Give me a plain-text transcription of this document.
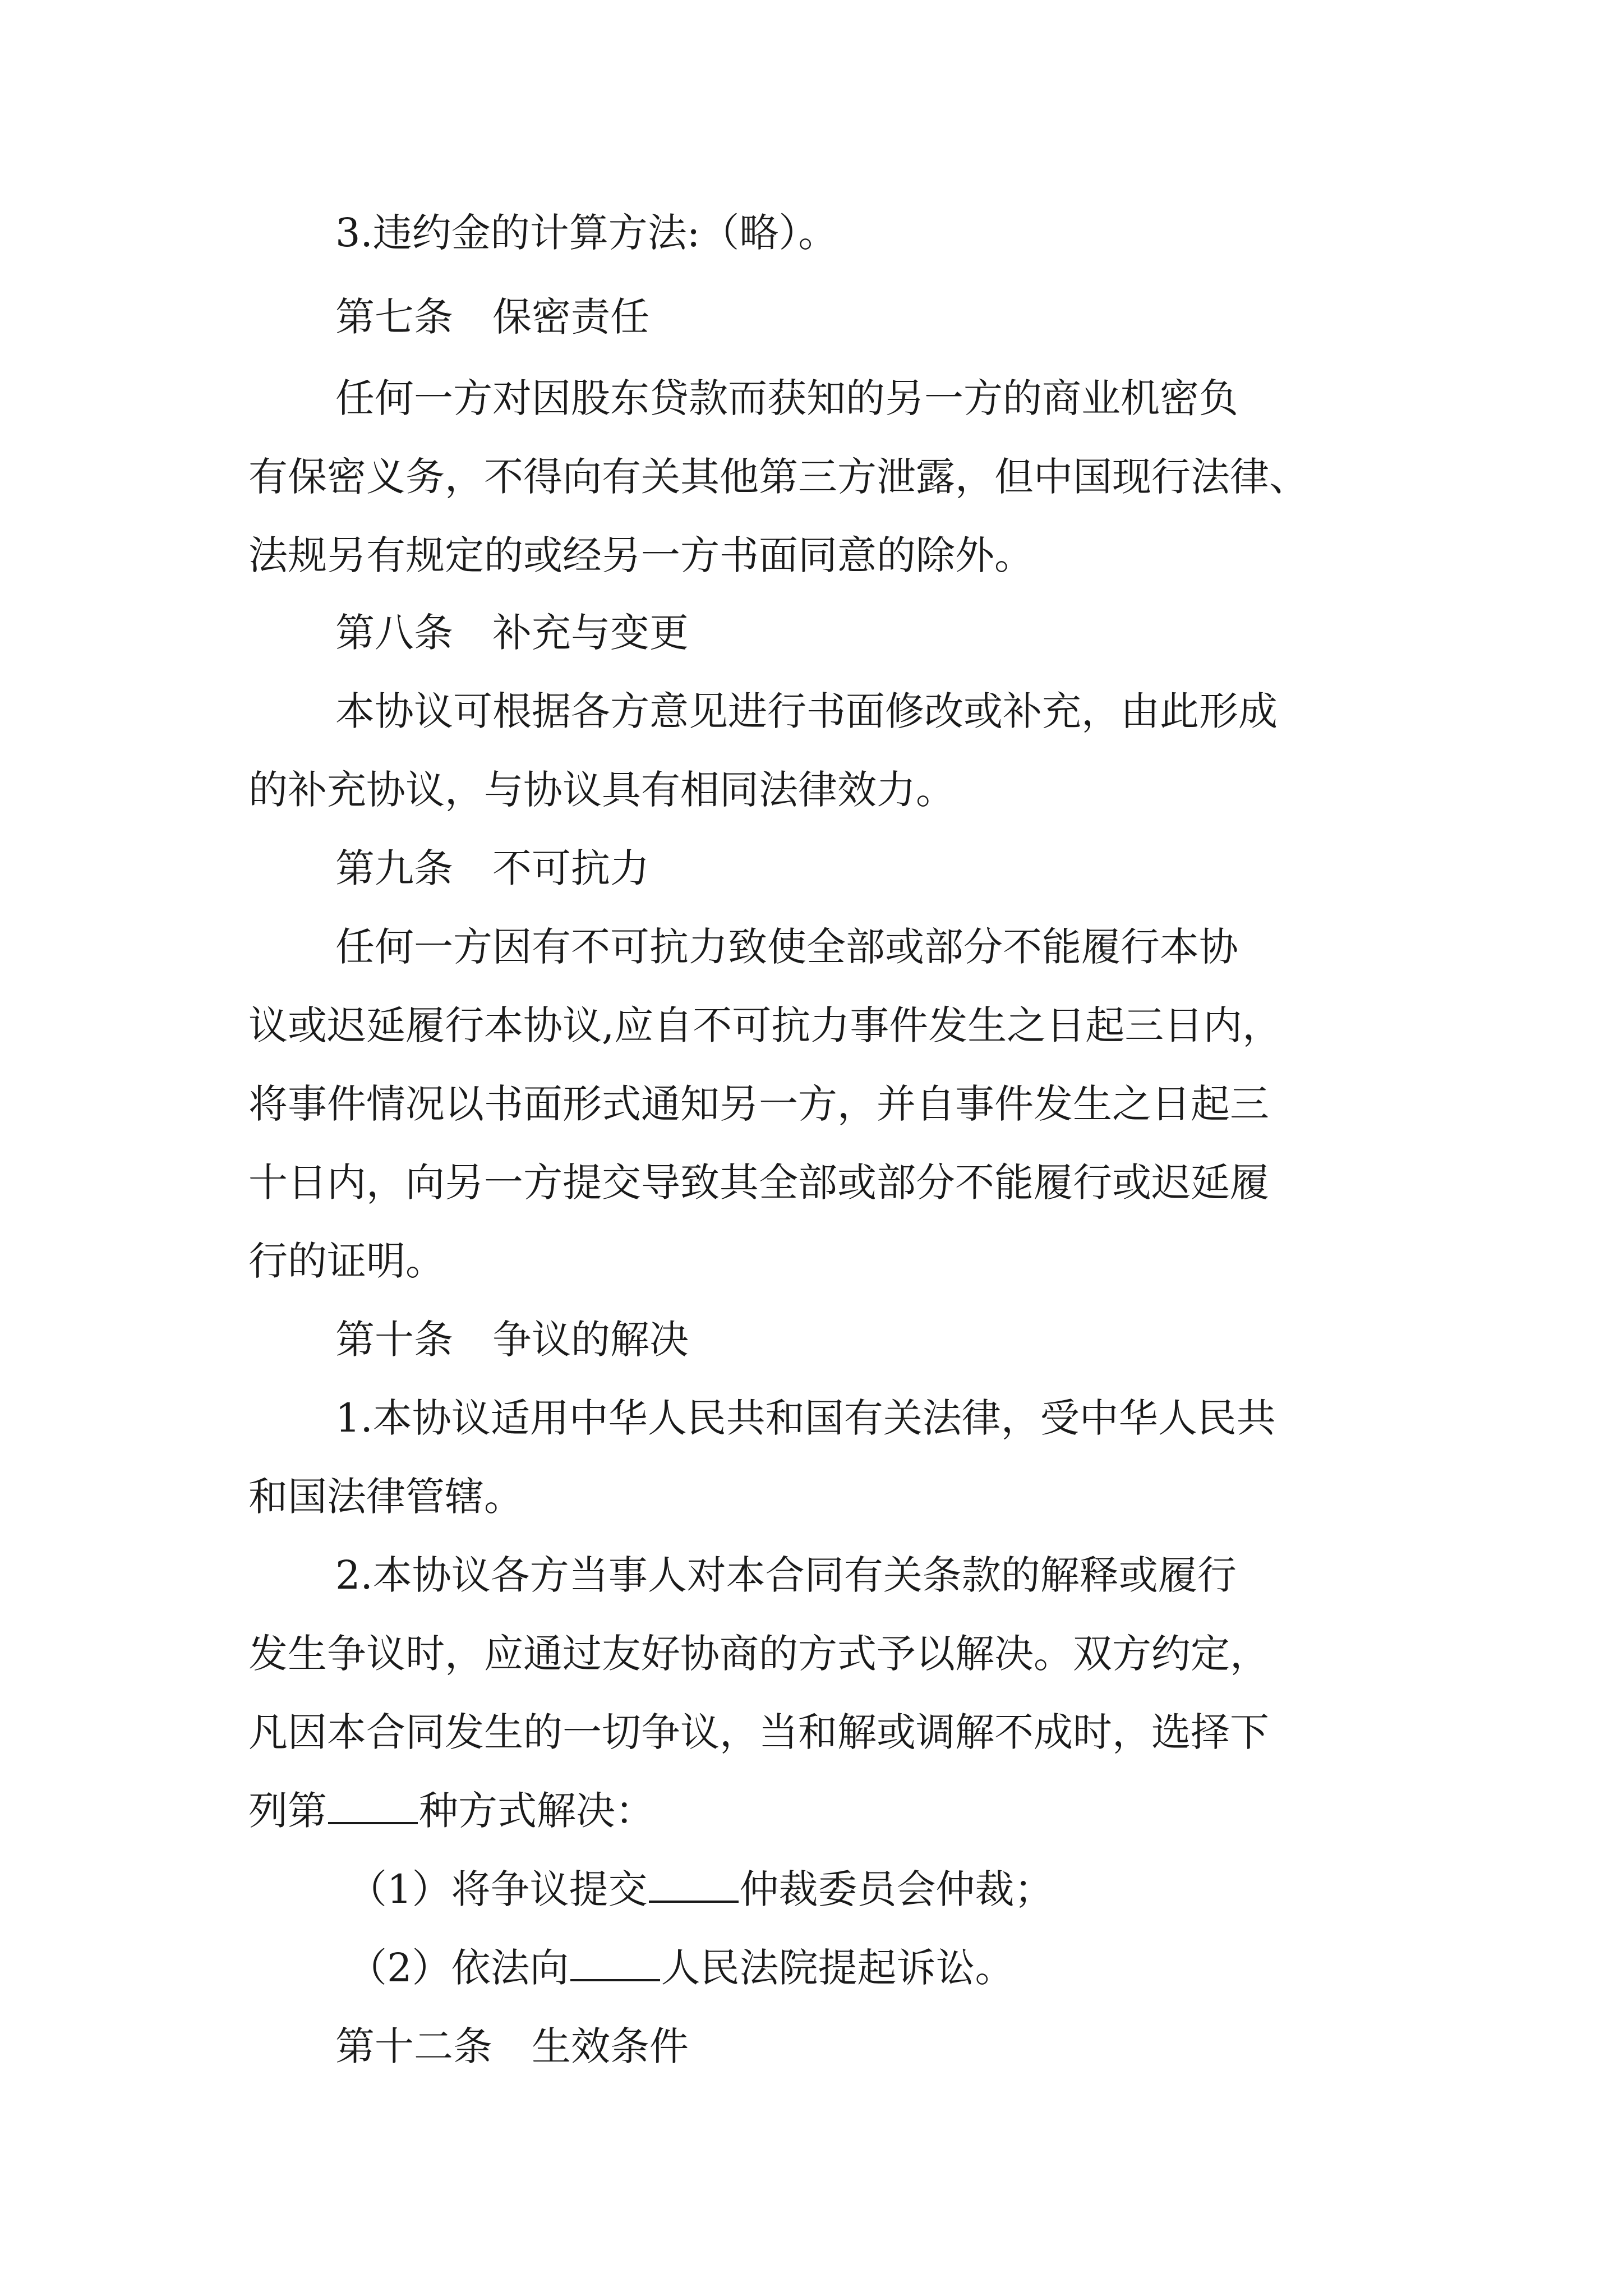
3.违约金的计算方法:（略）。
第七条　保密责任
任何一方对因股东贷款而获知的另一方的商业机密负
有保密义务，不得向有关其他第三方泄露，但中国现行法律、
法规另有规定的或经另一方书面同意的除外。
第八条　补充与变更
本协议可根据各方意见进行书面修改或补充，由此形成
的补充协议，与协议具有相同法律效力。
第九条　不可抗力
任何一方因有不可抗力致使全部或部分不能履行本协
议或迟延履行本协议,应自不可抗力事件发生之日起三日内，
将事件情况以书面形式通知另一方，并自事件发生之日起三
十日内，向另一方提交导致其全部或部分不能履行或迟延履
行的证明。
第十条　争议的解决
1.本协议适用中华人民共和国有关法律，受中华人民共
和国法律管辖。
2.本协议各方当事人对本合同有关条款的解释或履行
发生争议时，应通过友好协商的方式予以解决。双方约定，
凡因本合同发生的一切争议，当和解或调解不成时，选择下
列第 种方式解决：
（1）将争议提交 仲裁委员会仲裁；
（2）依法向 人民法院提起诉讼。
第十二条　生效条件
